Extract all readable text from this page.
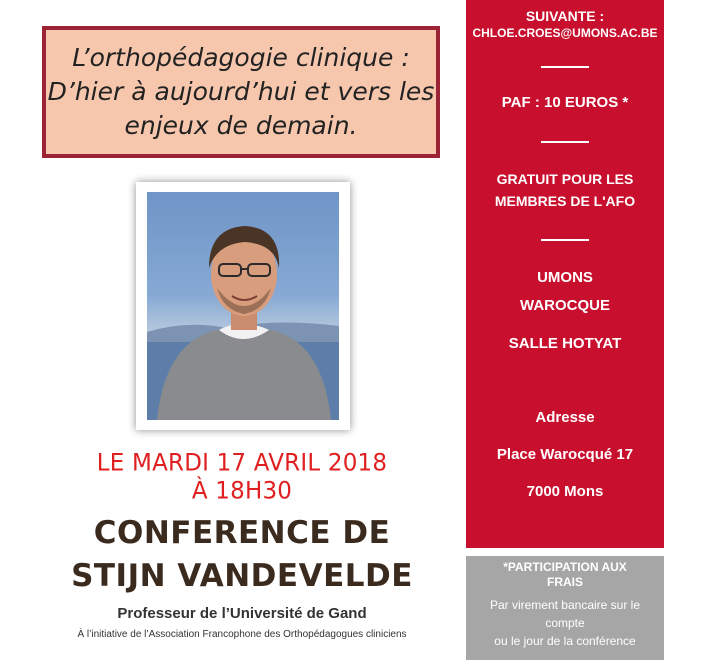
L’orthopédagogie clinique :
D’hier à aujourd’hui et vers les
enjeux de demain.
LE MARDI 17 AVRIL 2018
À 18H30
CONFERENCE DE
STIJN VANDEVELDE
Professeur de l’Université de Gand
À l’initiative de l’Association Francophone des Orthopédagogues cliniciens
SUIVANTE :
CHLOE.CROES@UMONS.AC.BE
PAF : 10 EUROS *
GRATUIT POUR LES
MEMBRES DE L'AFO
UMONS
WAROCQUE
SALLE HOTYAT
Adresse
Place Warocqué 17
7000 Mons
*PARTICIPATION AUX
FRAIS
Par virement bancaire sur le
compte
ou le jour de la conférence
